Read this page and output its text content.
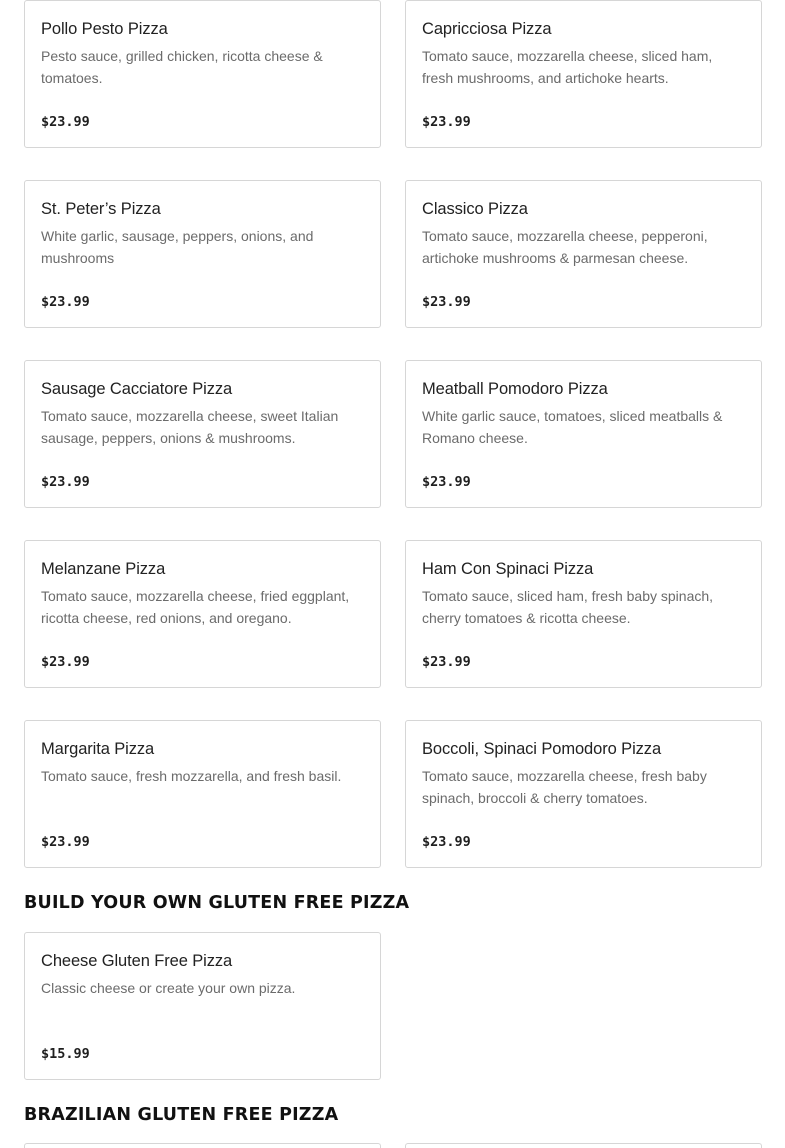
Pollo Pesto Pizza
Pesto sauce, grilled chicken, ricotta cheese & tomatoes.
$23.99
Capricciosa Pizza
Tomato sauce, mozzarella cheese, sliced ham, fresh mushrooms, and artichoke hearts.
$23.99
St. Peter’s Pizza
White garlic, sausage, peppers, onions, and mushrooms
$23.99
Classico Pizza
Tomato sauce, mozzarella cheese, pepperoni, artichoke mushrooms & parmesan cheese.
$23.99
Sausage Cacciatore Pizza
Tomato sauce, mozzarella cheese, sweet Italian sausage, peppers, onions & mushrooms.
$23.99
Meatball Pomodoro Pizza
White garlic sauce, tomatoes, sliced meatballs & Romano cheese.
$23.99
Melanzane Pizza
Tomato sauce, mozzarella cheese, fried eggplant, ricotta cheese, red onions, and oregano.
$23.99
Ham Con Spinaci Pizza
Tomato sauce, sliced ham, fresh baby spinach, cherry tomatoes & ricotta cheese.
$23.99
Margarita Pizza
Tomato sauce, fresh mozzarella, and fresh basil.
$23.99
Boccoli, Spinaci Pomodoro Pizza
Tomato sauce, mozzarella cheese, fresh baby spinach, broccoli & cherry tomatoes.
$23.99
BUILD YOUR OWN GLUTEN FREE PIZZA
Cheese Gluten Free Pizza
Classic cheese or create your own pizza.
$15.99
BRAZILIAN GLUTEN FREE PIZZA
